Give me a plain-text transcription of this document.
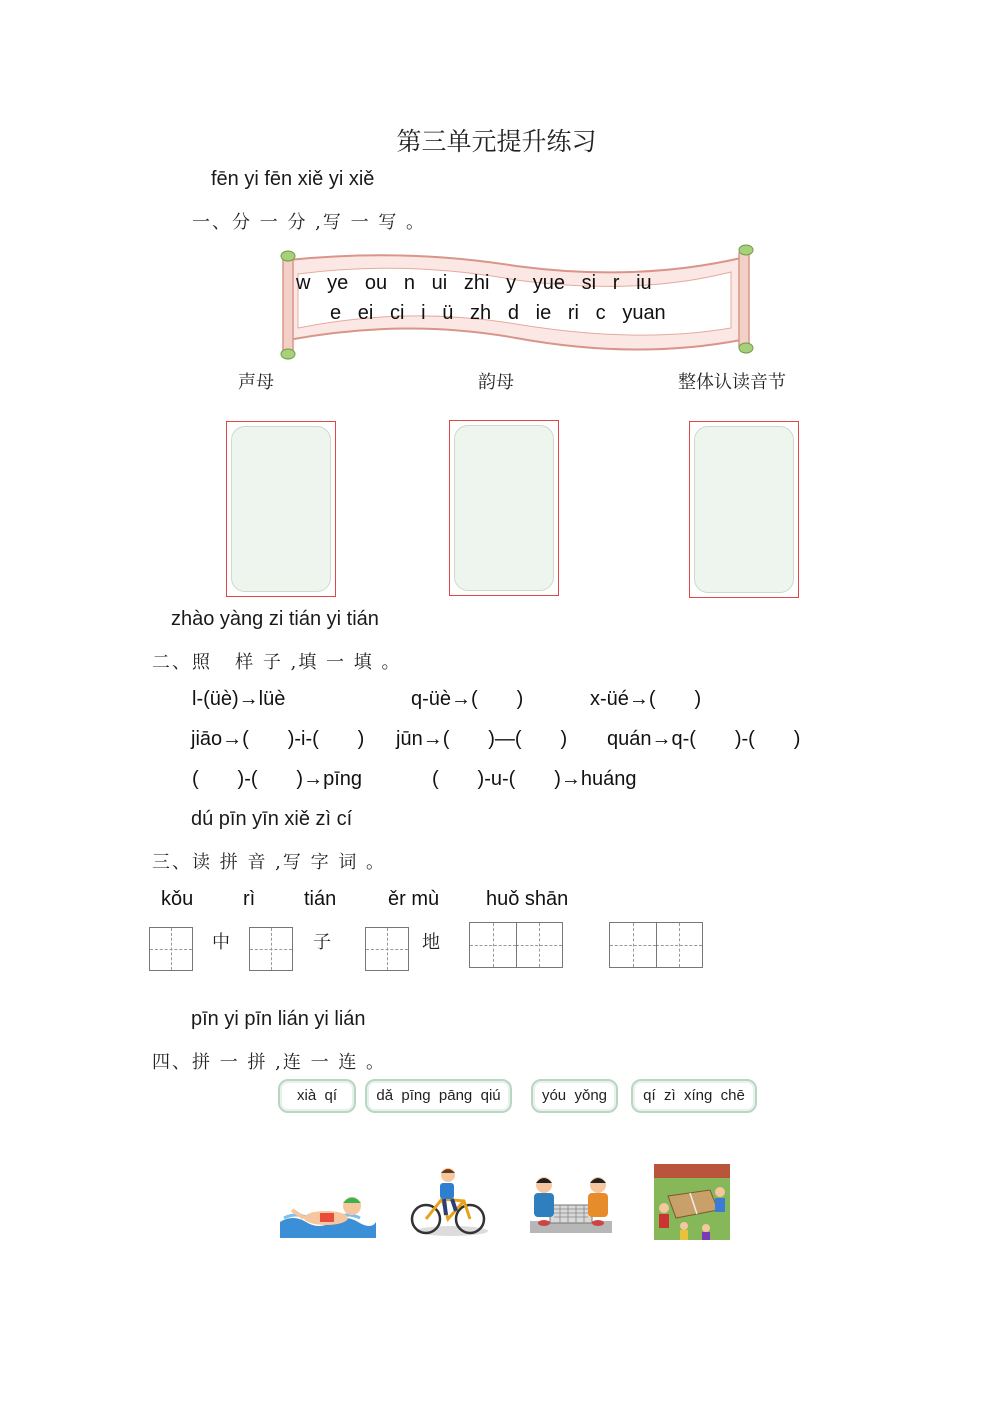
第三单元提升练习
fēn yi fēn xiě yi xiě
一、分 一 分 ,写 一 写 。
w   ye   ou   n   ui   zhi   y   yue   si   r   iu
e   ei   ci   i   ü   zh   d   ie   ri   c   yuan
声母	韵母	整体认读音节
zhào yàng zi tián yi tián
二、照   样 子 ,填 一 填 。
l-(üè)→lüè	q-üè→(       )	x-üé→(       )
jiāo→(       )-i-(       ) jūn→(       )—(       ) quán→q-(       )-(       )
(       )-(       )→pīng	(       )-u-(       )→huáng
dú pīn yīn xiě zì cí
三、读 拼 音 ,写 字 词 。
kǒu rì tián	ěr mù huǒ shān
中	子	地
pīn yi pīn lián yi lián
四、拼 一 拼 ,连 一 连 。
xià  qí	dǎ  pīng  pāng  qiú	yóu  yǒng	qí  zì  xíng  chē
